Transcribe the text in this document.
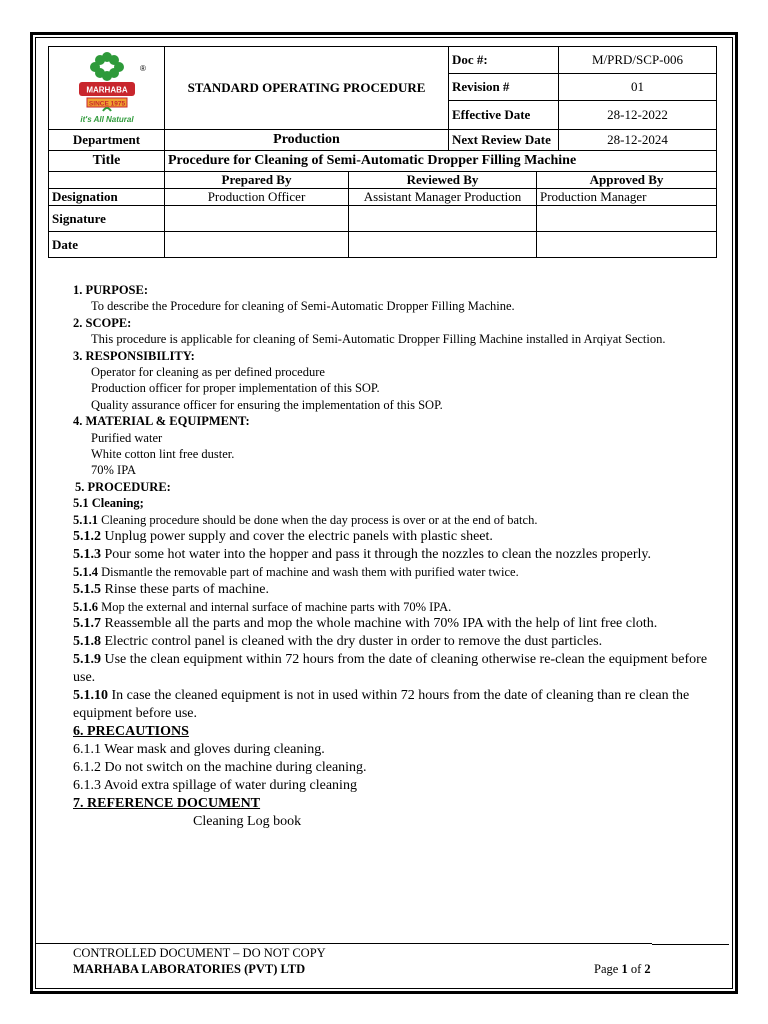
MARHABA
SINCE 1975
it's All Natural
®	STANDARD OPERATING PROCEDURE		Doc #:		M/PRD/SCP-006
			Revision #		01
			Effective Date		28-12-2022

Department	Production		Next Review Date		28-12-2024
Title	Procedure for Cleaning of Semi-Automatic Dropper Filling Machine				
	Prepared By	Reviewed By		Approved By	
Designation	Production Officer	Assistant Manager Production		Production Manager	
Signature					
Date					
1. PURPOSE:
To describe the Procedure for cleaning of Semi-Automatic Dropper Filling Machine.
2. SCOPE:
This procedure is applicable for cleaning of Semi-Automatic Dropper Filling Machine installed in Arqiyat Section.
3. RESPONSIBILITY:
Operator for cleaning as per defined procedure
Production officer for proper implementation of this SOP.
Quality assurance officer for ensuring the implementation of this SOP.
4. MATERIAL & EQUIPMENT:
Purified water
White cotton lint free duster.
70% IPA
5. PROCEDURE:
5.1 Cleaning;
5.1.1 Cleaning procedure should be done when the day process is over or at the end of batch.
5.1.2 Unplug power supply and cover the electric panels with plastic sheet.
5.1.3 Pour some hot water into the hopper and pass it through the nozzles to clean the nozzles properly.
5.1.4 Dismantle the removable part of machine and wash them with purified water twice.
5.1.5 Rinse these parts of machine.
5.1.6 Mop the external and internal surface of machine parts with 70% IPA.
5.1.7 Reassemble all the parts and mop the whole machine with 70% IPA with the help of lint free cloth.
5.1.8 Electric control panel is cleaned with the dry duster in order to remove the dust particles.
5.1.9 Use the clean equipment within 72 hours from the date of cleaning otherwise re-clean the equipment before use.
5.1.10 In case the cleaned equipment is not in used within 72 hours from the date of cleaning than re clean the equipment before use.
6. PRECAUTIONS
6.1.1 Wear mask and gloves during cleaning.
6.1.2 Do not switch on the machine during cleaning.
6.1.3 Avoid extra spillage of water during cleaning
7. REFERENCE DOCUMENT
Cleaning Log book
CONTROLLED DOCUMENT – DO NOT COPY
MARHABA LABORATORIES (PVT) LTD	Page 1 of 2
